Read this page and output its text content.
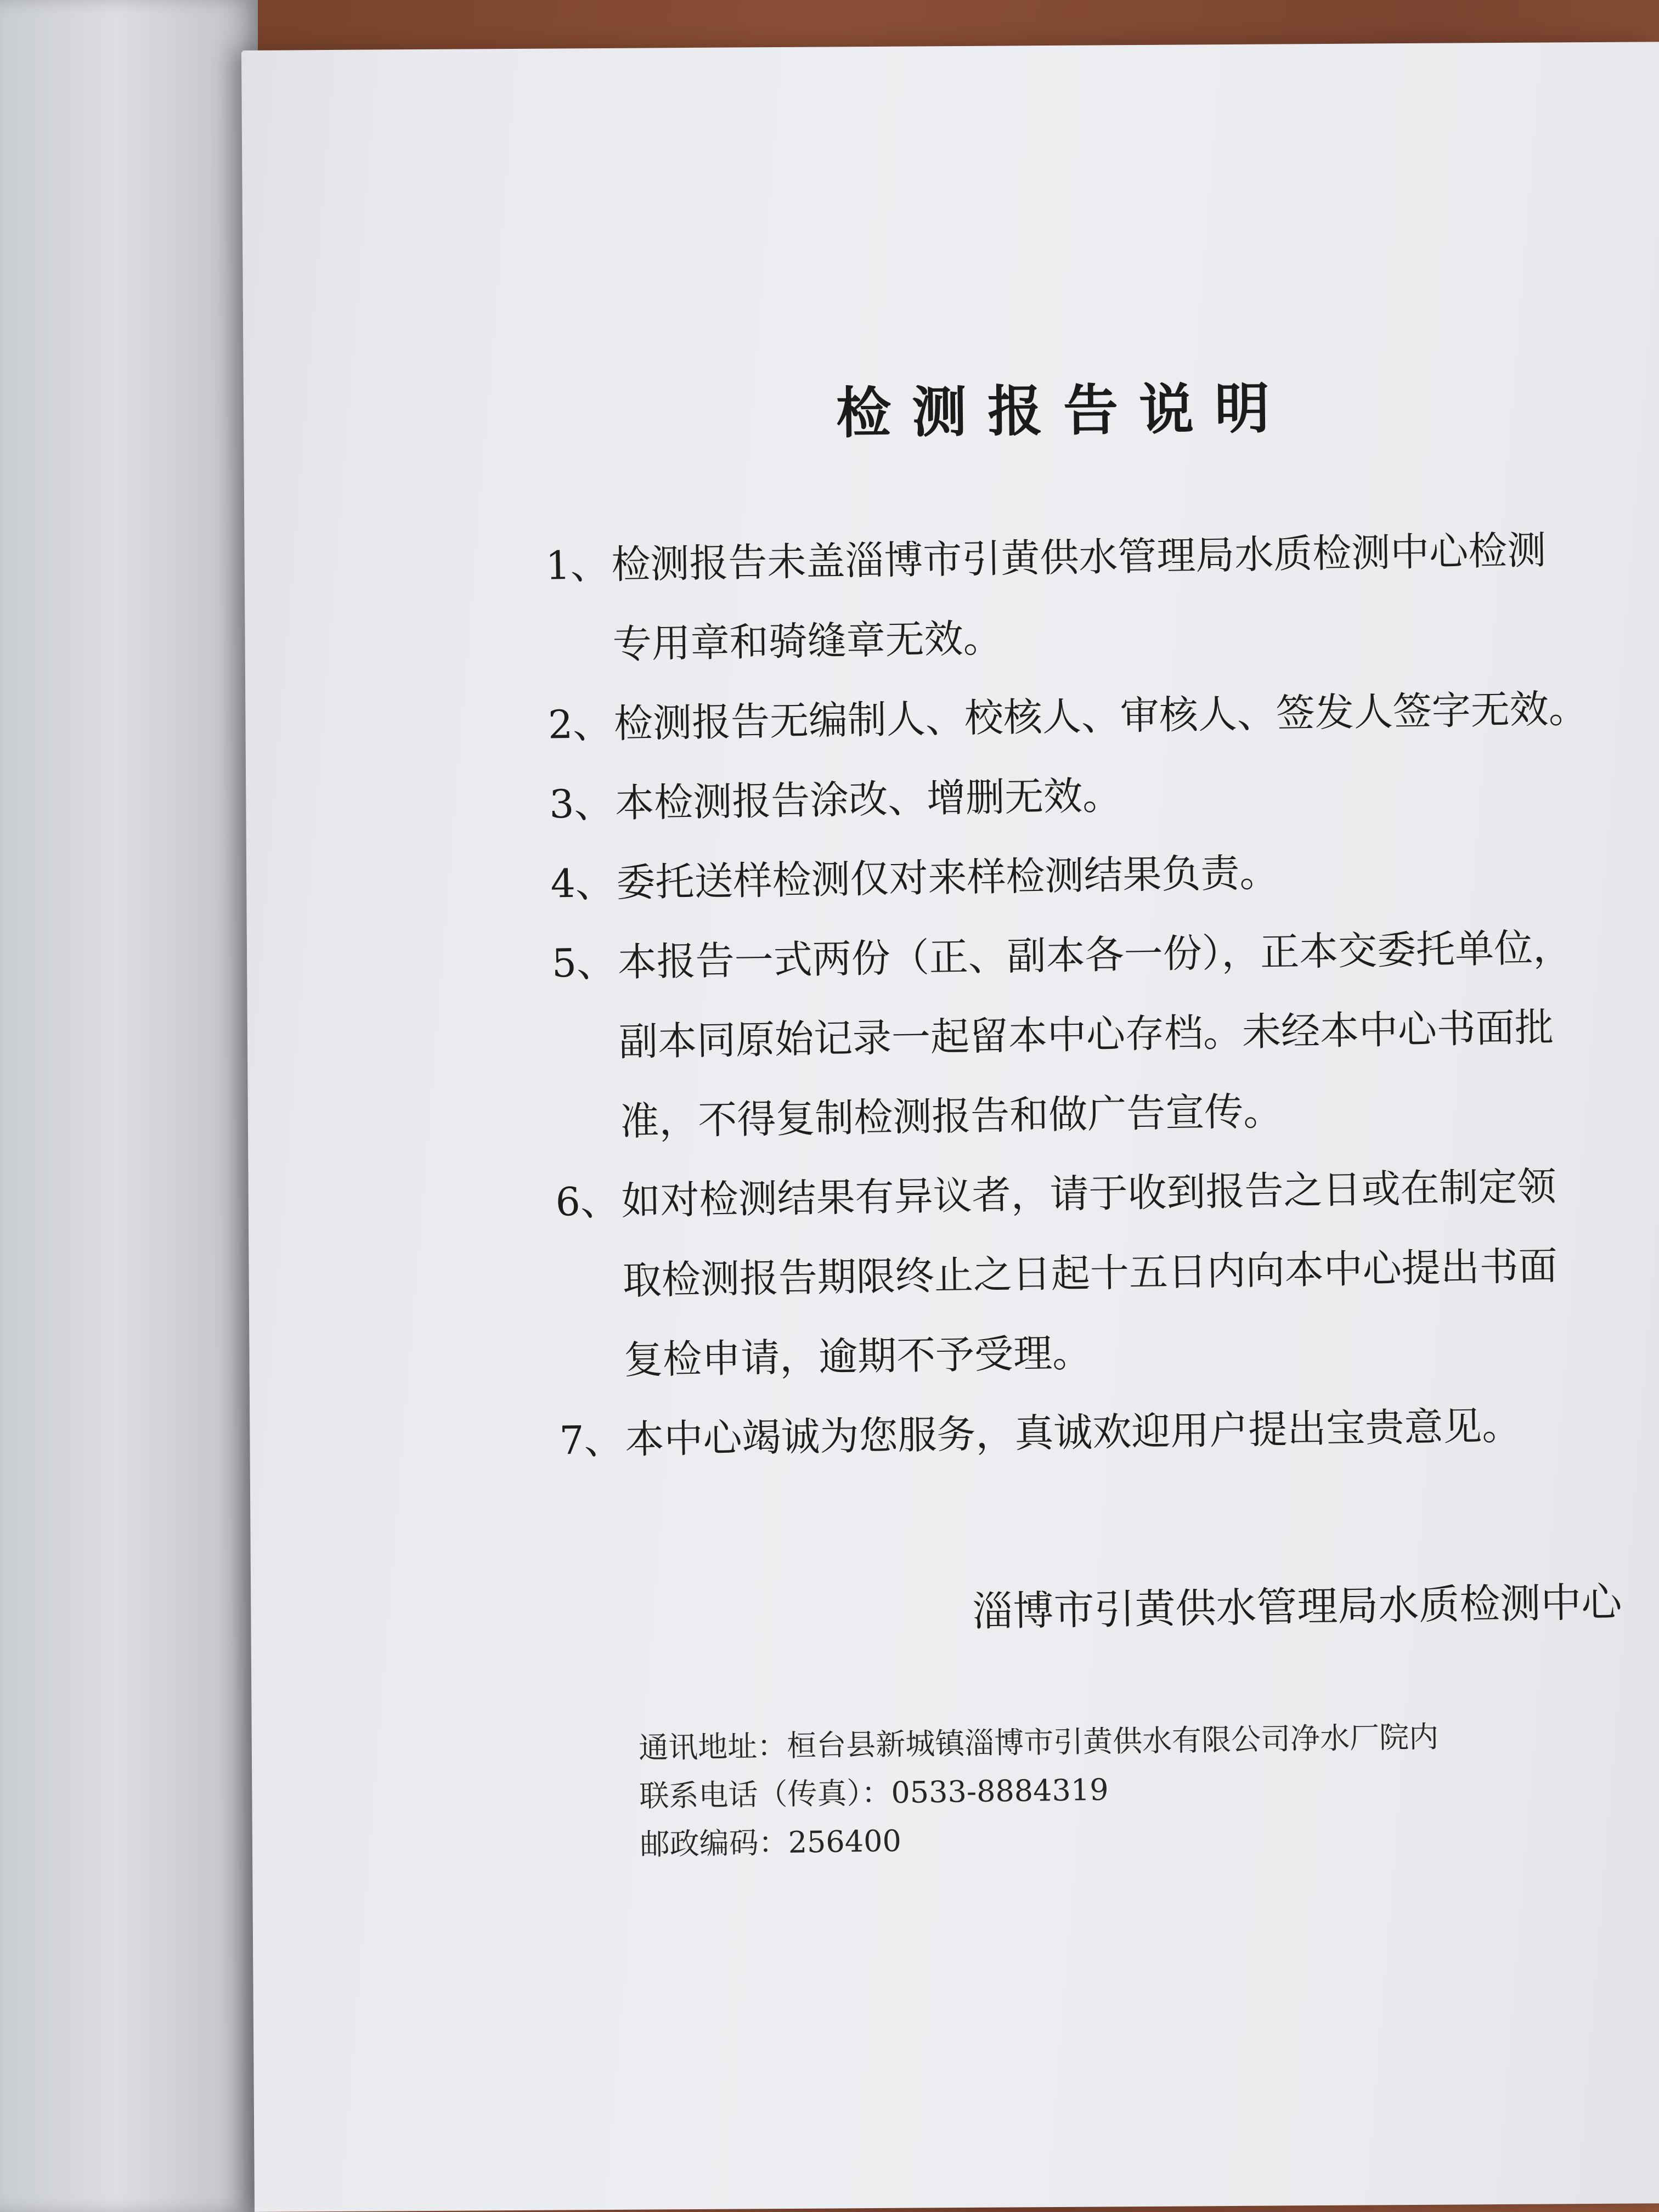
检测报告说明
1、 检测报告未盖淄博市引黄供水管理局水质检测中心检测
专用章和骑缝章无效。
2、 检测报告无编制人、校核人、审核人、签发人签字无效。
3、 本检测报告涂改、增删无效。
4、 委托送样检测仅对来样检测结果负责。
5、 本报告一式两份（正、副本各一份），正本交委托单位，
副本同原始记录一起留本中心存档。未经本中心书面批
准，不得复制检测报告和做广告宣传。
6、 如对检测结果有异议者，请于收到报告之日或在制定领
取检测报告期限终止之日起十五日内向本中心提出书面
复检申请，逾期不予受理。
7、 本中心竭诚为您服务，真诚欢迎用户提出宝贵意见。

淄博市引黄供水管理局水质检测中心

通讯地址：桓台县新城镇淄博市引黄供水有限公司净水厂院内
联系电话（传真）：0533-8884319
邮政编码：256400
